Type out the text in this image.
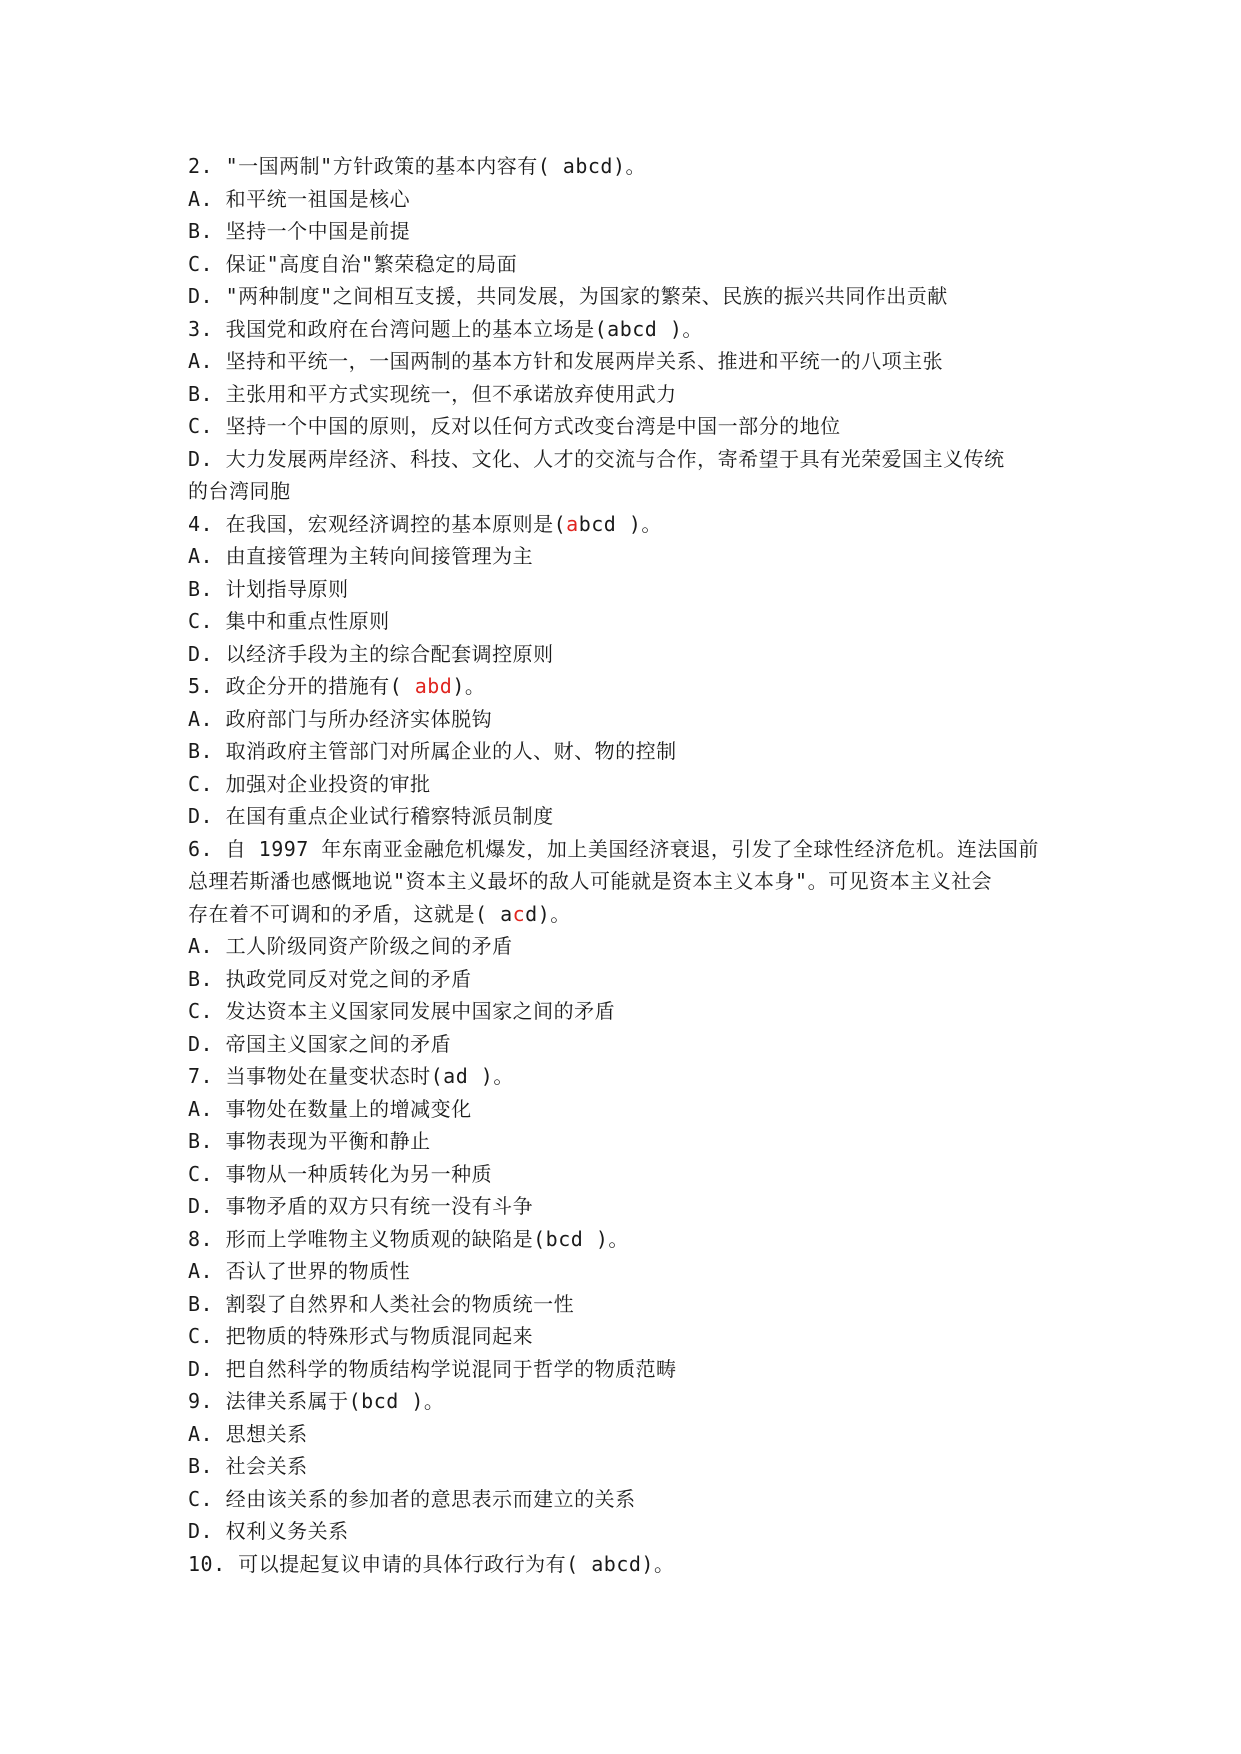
2. "一国两制"方针政策的基本内容有( abcd)。
A. 和平统一祖国是核心
B. 坚持一个中国是前提
C. 保证"高度自治"繁荣稳定的局面
D. "两种制度"之间相互支援，共同发展，为国家的繁荣、民族的振兴共同作出贡献
3. 我国党和政府在台湾问题上的基本立场是(abcd )。
A. 坚持和平统一，一国两制的基本方针和发展两岸关系、推进和平统一的八项主张
B. 主张用和平方式实现统一，但不承诺放弃使用武力
C. 坚持一个中国的原则，反对以任何方式改变台湾是中国一部分的地位
D. 大力发展两岸经济、科技、文化、人才的交流与合作，寄希望于具有光荣爱国主义传统
的台湾同胞
4. 在我国，宏观经济调控的基本原则是(abcd )。
A. 由直接管理为主转向间接管理为主
B. 计划指导原则
C. 集中和重点性原则
D. 以经济手段为主的综合配套调控原则
5. 政企分开的措施有( abd)。
A. 政府部门与所办经济实体脱钩
B. 取消政府主管部门对所属企业的人、财、物的控制
C. 加强对企业投资的审批
D. 在国有重点企业试行稽察特派员制度
6. 自 1997 年东南亚金融危机爆发，加上美国经济衰退，引发了全球性经济危机。连法国前
总理若斯潘也感慨地说"资本主义最坏的敌人可能就是资本主义本身"。可见资本主义社会
存在着不可调和的矛盾，这就是( acd)。
A. 工人阶级同资产阶级之间的矛盾
B. 执政党同反对党之间的矛盾
C. 发达资本主义国家同发展中国家之间的矛盾
D. 帝国主义国家之间的矛盾
7. 当事物处在量变状态时(ad )。
A. 事物处在数量上的增减变化
B. 事物表现为平衡和静止
C. 事物从一种质转化为另一种质
D. 事物矛盾的双方只有统一没有斗争
8. 形而上学唯物主义物质观的缺陷是(bcd )。
A. 否认了世界的物质性
B. 割裂了自然界和人类社会的物质统一性
C. 把物质的特殊形式与物质混同起来
D. 把自然科学的物质结构学说混同于哲学的物质范畴
9. 法律关系属于(bcd )。
A. 思想关系
B. 社会关系
C. 经由该关系的参加者的意思表示而建立的关系
D. 权利义务关系
10. 可以提起复议申请的具体行政行为有( abcd)。
